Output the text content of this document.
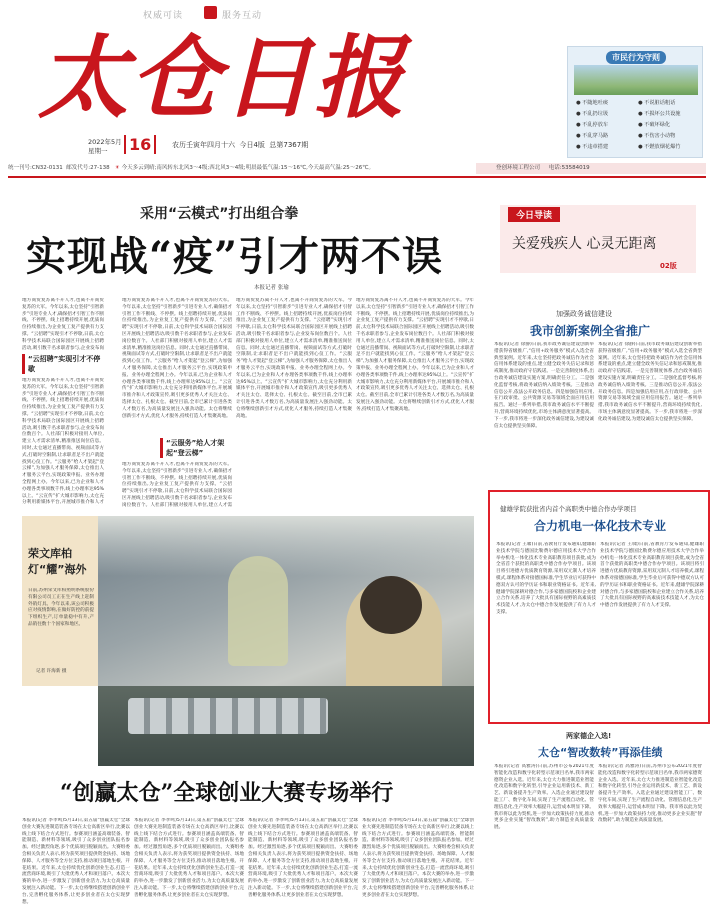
权威可读	服务互动
太仓日报
2022年5月
星期一	16	农历壬寅年四月十六 今日4版 总第7367期
市民行为守则
● 不随地吐痰
● 不乱扔垃圾
● 不乱停放车
● 不乱穿马路
● 不违章搭建
● 不说脏话粗话
● 不损坏公共设施
● 不破坏绿化
● 不伤害小动物
● 不燃放烟花爆竹
统一刊号:CN32-0131 邮发代号:27-138 ☀ 今天多云到晴;南风转东北风3～4级;西北风3～4级;明晨最低气温:15～16℃,今天最高气温:25～26℃。	登创环境工程公司 电话:53584019
采用“云模式”打出组合拳
实现战“疫”引才两不误
本报记者 张瑜
地方商贸复苏离不开人才,也离不开商贸复苏的大军。今年以来,太仓坚持“引智新步”引进专业人才,确保招才引智工作不断线、不停摆。线上招聘持续开展,优质岗位持续推出,为企业复工复产提供有力支撑。“云招聘”实现引才不停歇,日前,太仓科学技术局联合国际园区开展线上招聘活动,吸引数千名求职者参与,企业发布岗
“云招聘”实现引才不停歇
地方商贸复苏离不开人才,也离不开商贸复苏的大军。今年以来,太仓坚持“引智新步”引进专业人才,确保招才引智工作不断线、不停摆。线上招聘持续开展,优质岗位持续推出,为企业复工复产提供有力支撑。“云招聘”实现引才不停歇,日前,太仓科学技术局联合国际园区开展线上招聘活动,吸引数千名求职者参与,企业发布岗位数百个。人社部门积极对接用人单位,建立人才需求清单,精准推送岗位信息。同时,太仓通过直播带岗、视频面试等方式,打破时空限制,让求职者足不出户就能找到心仪工作。“云服务”给人才架起“登云梯”,为加强人才服务保障,太仓推出人才服务云平台,实现政策申报、业务办理全程网上办。今年以来,已为企业和人才办理各类事项数千件,线上办理率达95%以上。“云宣传”扩大城市影响力,太仓充分利用新媒体平台,开展城市推介和人才
地方商贸复苏离不开人才,也离不开商贸复苏的大军。今年以来,太仓坚持“引智新步”引进专业人才,确保招才引智工作不断线、不停摆。线上招聘持续开展,优质岗位持续推出,为企业复工复产提供有力支撑。“云招聘”实现引才不停歇,日前,太仓科学技术局联合国际园区开展线上招聘活动,吸引数千名求职者参与,企业发布岗位数百个。人社部门积极对接用人单位,建立人才需求清单,精准推送岗位信息。同时,太仓通过直播带岗、视频面试等方式,打破时空限制,让求职者足不出户就能找到心仪工作。“云服务”给人才架起“登云梯”,为加强人才服务保障,太仓推出人才服务云平台,实现政策申报、业务办理全程网上办。今年以来,已为企业和人才办理各类事项数千件,线上办理率达95%以上。“云宣传”扩大城市影响力,太仓充分利用新媒体平台,开展城市推介和人才政策宣传,吸引更多优秀人才关注太仓、选择太仓、扎根太仓。截至目前,全市已累计引进各类人才数万名,为高质量发展注入强劲动能。太仓将继续创新引才方式,优化人才服务,持续打造人才集聚高地。
“云服务”给人才架起“登云梯”
地方商贸复苏离不开人才,也离不开商贸复苏的大军。今年以来,太仓坚持“引智新步”引进专业人才,确保招才引智工作不断线、不停摆。线上招聘持续开展,优质岗位持续推出,为企业复工复产提供有力支撑。“云招聘”实现引才不停歇,日前,太仓科学技术局联合国际园区开展线上招聘活动,吸引数千名求职者参与,企业发布岗位数百个。人社部门积极对接用人单位,建立人才需
地方商贸复苏离不开人才,也离不开商贸复苏的大军。今年以来,太仓坚持“引智新步”引进专业人才,确保招才引智工作不断线、不停摆。线上招聘持续开展,优质岗位持续推出,为企业复工复产提供有力支撑。“云招聘”实现引才不停歇,日前,太仓科学技术局联合国际园区开展线上招聘活动,吸引数千名求职者参与,企业发布岗位数百个。人社部门积极对接用人单位,建立人才需求清单,精准推送岗位信息。同时,太仓通过直播带岗、视频面试等方式,打破时空限制,让求职者足不出户就能找到心仪工作。“云服务”给人才架起“登云梯”,为加强人才服务保障,太仓推出人才服务云平台,实现政策申报、业务办理全程网上办。今年以来,已为企业和人才办理各类事项数千件,线上办理率达95%以上。“云宣传”扩大城市影响力,太仓充分利用新媒体平台,开展城市推介和人才政策宣传,吸引更多优秀人才关注太仓、选择太仓、扎根太仓。截至目前,全市已累计引进各类人才数万名,为高质量发展注入强劲动能。太仓将继续创新引才方式,优化人才服务,持续打造人才集聚高地。
地方商贸复苏离不开人才,也离不开商贸复苏的大军。今年以来,太仓坚持“引智新步”引进专业人才,确保招才引智工作不断线、不停摆。线上招聘持续开展,优质岗位持续推出,为企业复工复产提供有力支撑。“云招聘”实现引才不停歇,日前,太仓科学技术局联合国际园区开展线上招聘活动,吸引数千名求职者参与,企业发布岗位数百个。人社部门积极对接用人单位,建立人才需求清单,精准推送岗位信息。同时,太仓通过直播带岗、视频面试等方式,打破时空限制,让求职者足不出户就能找到心仪工作。“云服务”给人才架起“登云梯”,为加强人才服务保障,太仓推出人才服务云平台,实现政策申报、业务办理全程网上办。今年以来,已为企业和人才办理各类事项数千件,线上办理率达95%以上。“云宣传”扩大城市影响力,太仓充分利用新媒体平台,开展城市推介和人才政策宣传,吸引更多优秀人才关注太仓、选择太仓、扎根太仓。截至目前,全市已累计引进各类人才数万名,为高质量发展注入强劲动能。太仓将继续创新引才方式,优化人才服务,持续打造人才集聚高地。
荣文库柏灯“耀”海外
日前,苏州荣文库柏照明系统股份有限公司员工正在生产线上赶制外销灯具。今年以来,该公司积极应对疫情影响,在做好防控的前提下组织生产,订单量稳中有升,产品销往数十个国家和地区。
记者 许海新 摄
“创赢太仓”全球创业大赛专场举行
本报讯(记者 李孝鸣)5月13日,第五届“创赢太仓”全球创业大赛先进制造装备专场在太仓高新区举行,比赛以线上线下结合方式进行。参赛项目涵盖高端装备、智能制造、新材料等领域,吸引了众多创业团队报名参加。经过激烈角逐,多个优质项目脱颖而出。大赛组委会相关负责人表示,将为获奖项目提供资金扶持、场地保障、人才服务等全方位支持,推动项目落地生根、开花结果。近年来,太仓持续优化创新创业生态,打造一流营商环境,吸引了大批优秀人才和项目落户。本次大赛的举办,进一步激发了创新创业活力,为太仓高质量发展注入新动能。下一步,太仓将继续搭建创新创业平台,完善孵化服务体系,让更多创业者在太仓实现梦想。
本报讯(记者 李孝鸣)5月13日,第五届“创赢太仓”全球创业大赛先进制造装备专场在太仓高新区举行,比赛以线上线下结合方式进行。参赛项目涵盖高端装备、智能制造、新材料等领域,吸引了众多创业团队报名参加。经过激烈角逐,多个优质项目脱颖而出。大赛组委会相关负责人表示,将为获奖项目提供资金扶持、场地保障、人才服务等全方位支持,推动项目落地生根、开花结果。近年来,太仓持续优化创新创业生态,打造一流营商环境,吸引了大批优秀人才和项目落户。本次大赛的举办,进一步激发了创新创业活力,为太仓高质量发展注入新动能。下一步,太仓将继续搭建创新创业平台,完善孵化服务体系,让更多创业者在太仓实现梦想。
本报讯(记者 李孝鸣)5月13日,第五届“创赢太仓”全球创业大赛先进制造装备专场在太仓高新区举行,比赛以线上线下结合方式进行。参赛项目涵盖高端装备、智能制造、新材料等领域,吸引了众多创业团队报名参加。经过激烈角逐,多个优质项目脱颖而出。大赛组委会相关负责人表示,将为获奖项目提供资金扶持、场地保障、人才服务等全方位支持,推动项目落地生根、开花结果。近年来,太仓持续优化创新创业生态,打造一流营商环境,吸引了大批优秀人才和项目落户。本次大赛的举办,进一步激发了创新创业活力,为太仓高质量发展注入新动能。下一步,太仓将继续搭建创新创业平台,完善孵化服务体系,让更多创业者在太仓实现梦想。
本报讯(记者 李孝鸣)5月13日,第五届“创赢太仓”全球创业大赛先进制造装备专场在太仓高新区举行,比赛以线上线下结合方式进行。参赛项目涵盖高端装备、智能制造、新材料等领域,吸引了众多创业团队报名参加。经过激烈角逐,多个优质项目脱颖而出。大赛组委会相关负责人表示,将为获奖项目提供资金扶持、场地保障、人才服务等全方位支持,推动项目落地生根、开花结果。近年来,太仓持续优化创新创业生态,打造一流营商环境,吸引了大批优秀人才和项目落户。本次大赛的举办,进一步激发了创新创业活力,为太仓高质量发展注入新动能。下一步,太仓将继续搭建创新创业平台,完善孵化服务体系,让更多创业者在太仓实现梦想。
今日导读
关爱残疾人 心灵无距离
02版
加强政务诚信建设
我市创新案例全省推广
本报讯(记者 徐静)日前,我市政务诚信建设创新举措获得省级推广,“信用+政务服务”模式入选全省典型案例。近年来,太仓坚持把政务诚信作为社会信用体系建设的重点,建立健全政务失信记录和惩戒制度,推动政府守信践诺。一是完善制度体系,出台政务诚信建设实施方案,明确责任分工。二是强化监督考核,将政务诚信纳入绩效考核。三是推动信息公开,依法公开政务信息。四是加强信用应用,在行政审批、公共资源交易等领域全面应用信用报告。通过一系列举措,我市政务诚信水平不断提升,营商环境持续优化,市场主体满意度显著提高。下一步,我市将进一步深化政务诚信建设,为建设诚信太仓提供坚实保障。
本报讯(记者 徐静)日前,我市政务诚信建设创新举措获得省级推广,“信用+政务服务”模式入选全省典型案例。近年来,太仓坚持把政务诚信作为社会信用体系建设的重点,建立健全政务失信记录和惩戒制度,推动政府守信践诺。一是完善制度体系,出台政务诚信建设实施方案,明确责任分工。二是强化监督考核,将政务诚信纳入绩效考核。三是推动信息公开,依法公开政务信息。四是加强信用应用,在行政审批、公共资源交易等领域全面应用信用报告。通过一系列举措,我市政务诚信水平不断提升,营商环境持续优化,市场主体满意度显著提高。下一步,我市将进一步深化政务诚信建设,为建设诚信太仓提供坚实保障。
健雄学院获批省内首个高职类中德合作办学项目
合力机电一体化技术专业
本报讯(记者 王啸)日前,省教育厅发布通知,健雄职业技术学院与德国比勒费尔德应用技术大学合作举办机电一体化技术专业高职教育项目获批,成为全省首个获批的高职类中德合作办学项目。该项目将引进德方优质教育资源,采用双元制人才培养模式,课程体系对接德国标准,学生毕业后可获得中德双方认可的学历证书和职业资格证书。近年来,健雄学院深耕对德合作,与多家德国院校和企业建立合作关系,培养了大批具有国际视野的高素质技术技能人才,为太仓中德合作发展提供了有力人才支撑。
本报讯(记者 王啸)日前,省教育厅发布通知,健雄职业技术学院与德国比勒费尔德应用技术大学合作举办机电一体化技术专业高职教育项目获批,成为全省首个获批的高职类中德合作办学项目。该项目将引进德方优质教育资源,采用双元制人才培养模式,课程体系对接德国标准,学生毕业后可获得中德双方认可的学历证书和职业资格证书。近年来,健雄学院深耕对德合作,与多家德国院校和企业建立合作关系,培养了大批具有国际视野的高素质技术技能人才,为太仓中德合作发展提供了有力人才支撑。
两家德企入选!
太仓“智改数转”再添佳绩
本报讯(记者 高雅涛)日前,苏州市公布2021年度智能化改造和数字化转型示范项目名单,我市两家德资企业入选。近年来,太仓大力推进制造业智能化改造和数字化转型,引导企业运用新技术、新工艺、新设备提升生产效率。入选企业通过建设智能工厂、数字化车间,实现了生产流程自动化、管理信息化,生产效率大幅提升,运营成本明显下降。我市将以此为契机,进一步加大政策扶持力度,推动更多企业实施“智改数转”,助力制造业高质量发展。
本报讯(记者 高雅涛)日前,苏州市公布2021年度智能化改造和数字化转型示范项目名单,我市两家德资企业入选。近年来,太仓大力推进制造业智能化改造和数字化转型,引导企业运用新技术、新工艺、新设备提升生产效率。入选企业通过建设智能工厂、数字化车间,实现了生产流程自动化、管理信息化,生产效率大幅提升,运营成本明显下降。我市将以此为契机,进一步加大政策扶持力度,推动更多企业实施“智改数转”,助力制造业高质量发展。
